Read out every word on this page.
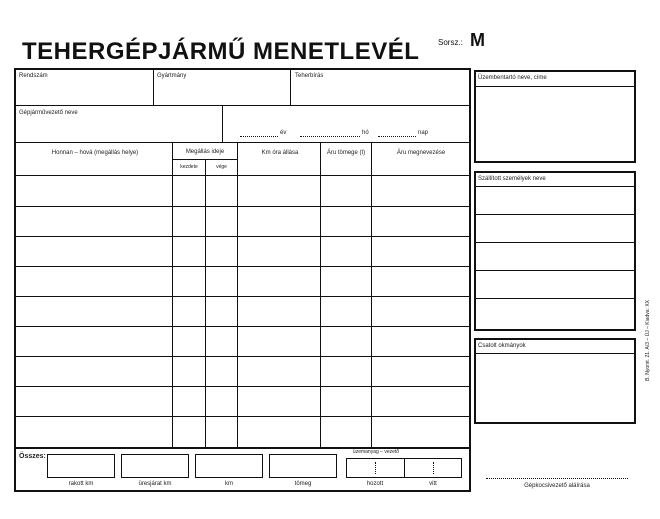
TEHERGÉPJÁRMŰ MENETLEVÉL Sorsz.: M
Rendszám	Gyártmány	Teherbírás
Gépjárművezető neve
év	hó	nap
Honnan – hová (megállás helye)	Megállás ideje
kezdete	vége
Km óra állása	Áru tömege (t)	Áru megnevezése
Összes:
üzemanyag – vezető
rakott km	üresjárat km	km	tömeg	hozott	vitt
Üzembentartó neve, címe
Szállított személyek neve
Csatolt okmányok
Gépkocsivezető aláírása
B. Nyomt. 21. A/3 – ÚJ – Kiadva: XX
